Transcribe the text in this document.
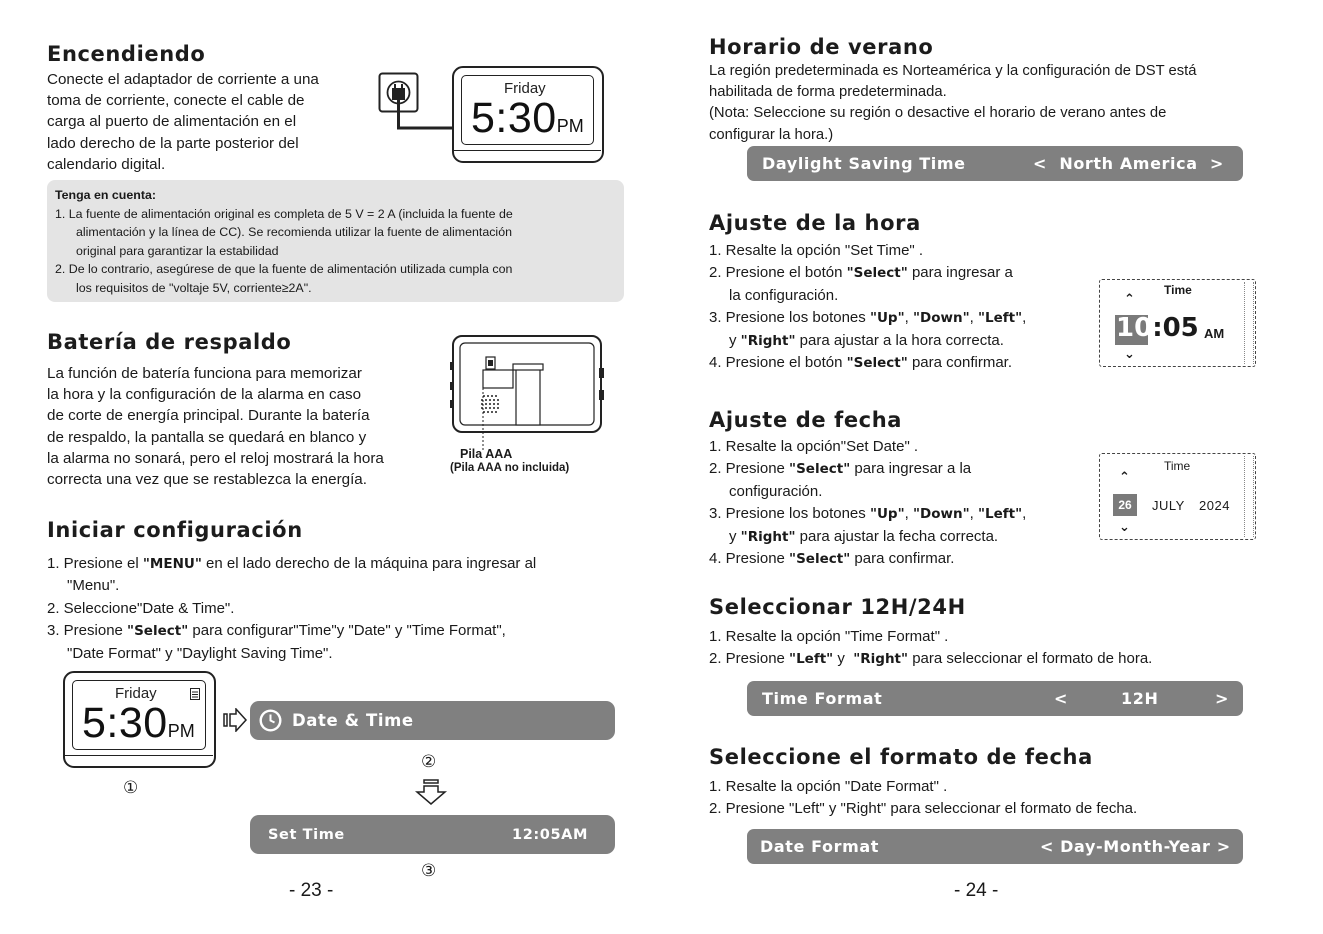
Encendiendo
Conecte el adaptador de corriente a una
toma de corriente, conecte el cable de
carga al puerto de alimentación en el
lado derecho de la parte posterior del
calendario digital.
Friday
5:30PM
Tenga en cuenta:
1. La fuente de alimentación original es completa de 5 V = 2 A (incluida la fuente de
alimentación y la línea de CC). Se recomienda utilizar la fuente de alimentación
original para garantizar la estabilidad
2. De lo contrario, asegúrese de que la fuente de alimentación utilizada cumpla con
los requisitos de "voltaje 5V, corriente≥2A".
Batería de respaldo
La función de batería funciona para memorizar
la hora y la configuración de la alarma en caso
de corte de energía principal. Durante la batería
de respaldo, la pantalla se quedará en blanco y
la alarma no sonará, pero el reloj mostrará la hora
correcta una vez que se restablezca la energía.
Pila AAA
(Pila AAA no incluida)
Iniciar configuración
1. Presione el "MENU" en el lado derecho de la máquina para ingresar al
"Menu".
2. Seleccione"Date & Time".
3. Presione "Select" para configurar"Time"y "Date" y "Time Format",
"Date Format" y "Daylight Saving Time".
Friday
5:30PM
Date & Time
①
②
Set Time	12:05AM
③
- 23 -
Horario de verano
La región predeterminada es Norteamérica y la configuración de DST está
habilitada de forma predeterminada.
(Nota: Seleccione su región o desactive el horario de verano antes de
configurar la hora.)
Daylight Saving Time	<  North America  >
Ajuste de la hora
1. Resalte la opción "Set Time" .
2. Presione el botón "Select" para ingresar a
la configuración.
3. Presione los botones "Up", "Down", "Left",
y "Right" para ajustar a la hora correcta.
4. Presione el botón "Select" para confirmar.
Time
⌃
10:05 AM
⌄
Ajuste de fecha
1. Resalte la opción"Set Date" .
2. Presione "Select" para ingresar a la
configuración.
3. Presione los botones "Up", "Down", "Left",
y "Right" para ajustar la fecha correcta.
4. Presione "Select" para confirmar.
Time
⌃
26	JULY 2024
⌄
Seleccionar 12H/24H
1. Resalte la opción "Time Format" .
2. Presione "Left" y  "Right" para seleccionar el formato de hora.
Time Format	<	12H	>
Seleccione el formato de fecha
1. Resalte la opción "Date Format" .
2. Presione "Left" y "Right" para seleccionar el formato de fecha.
Date Format	< Day-Month-Year >
- 24 -
